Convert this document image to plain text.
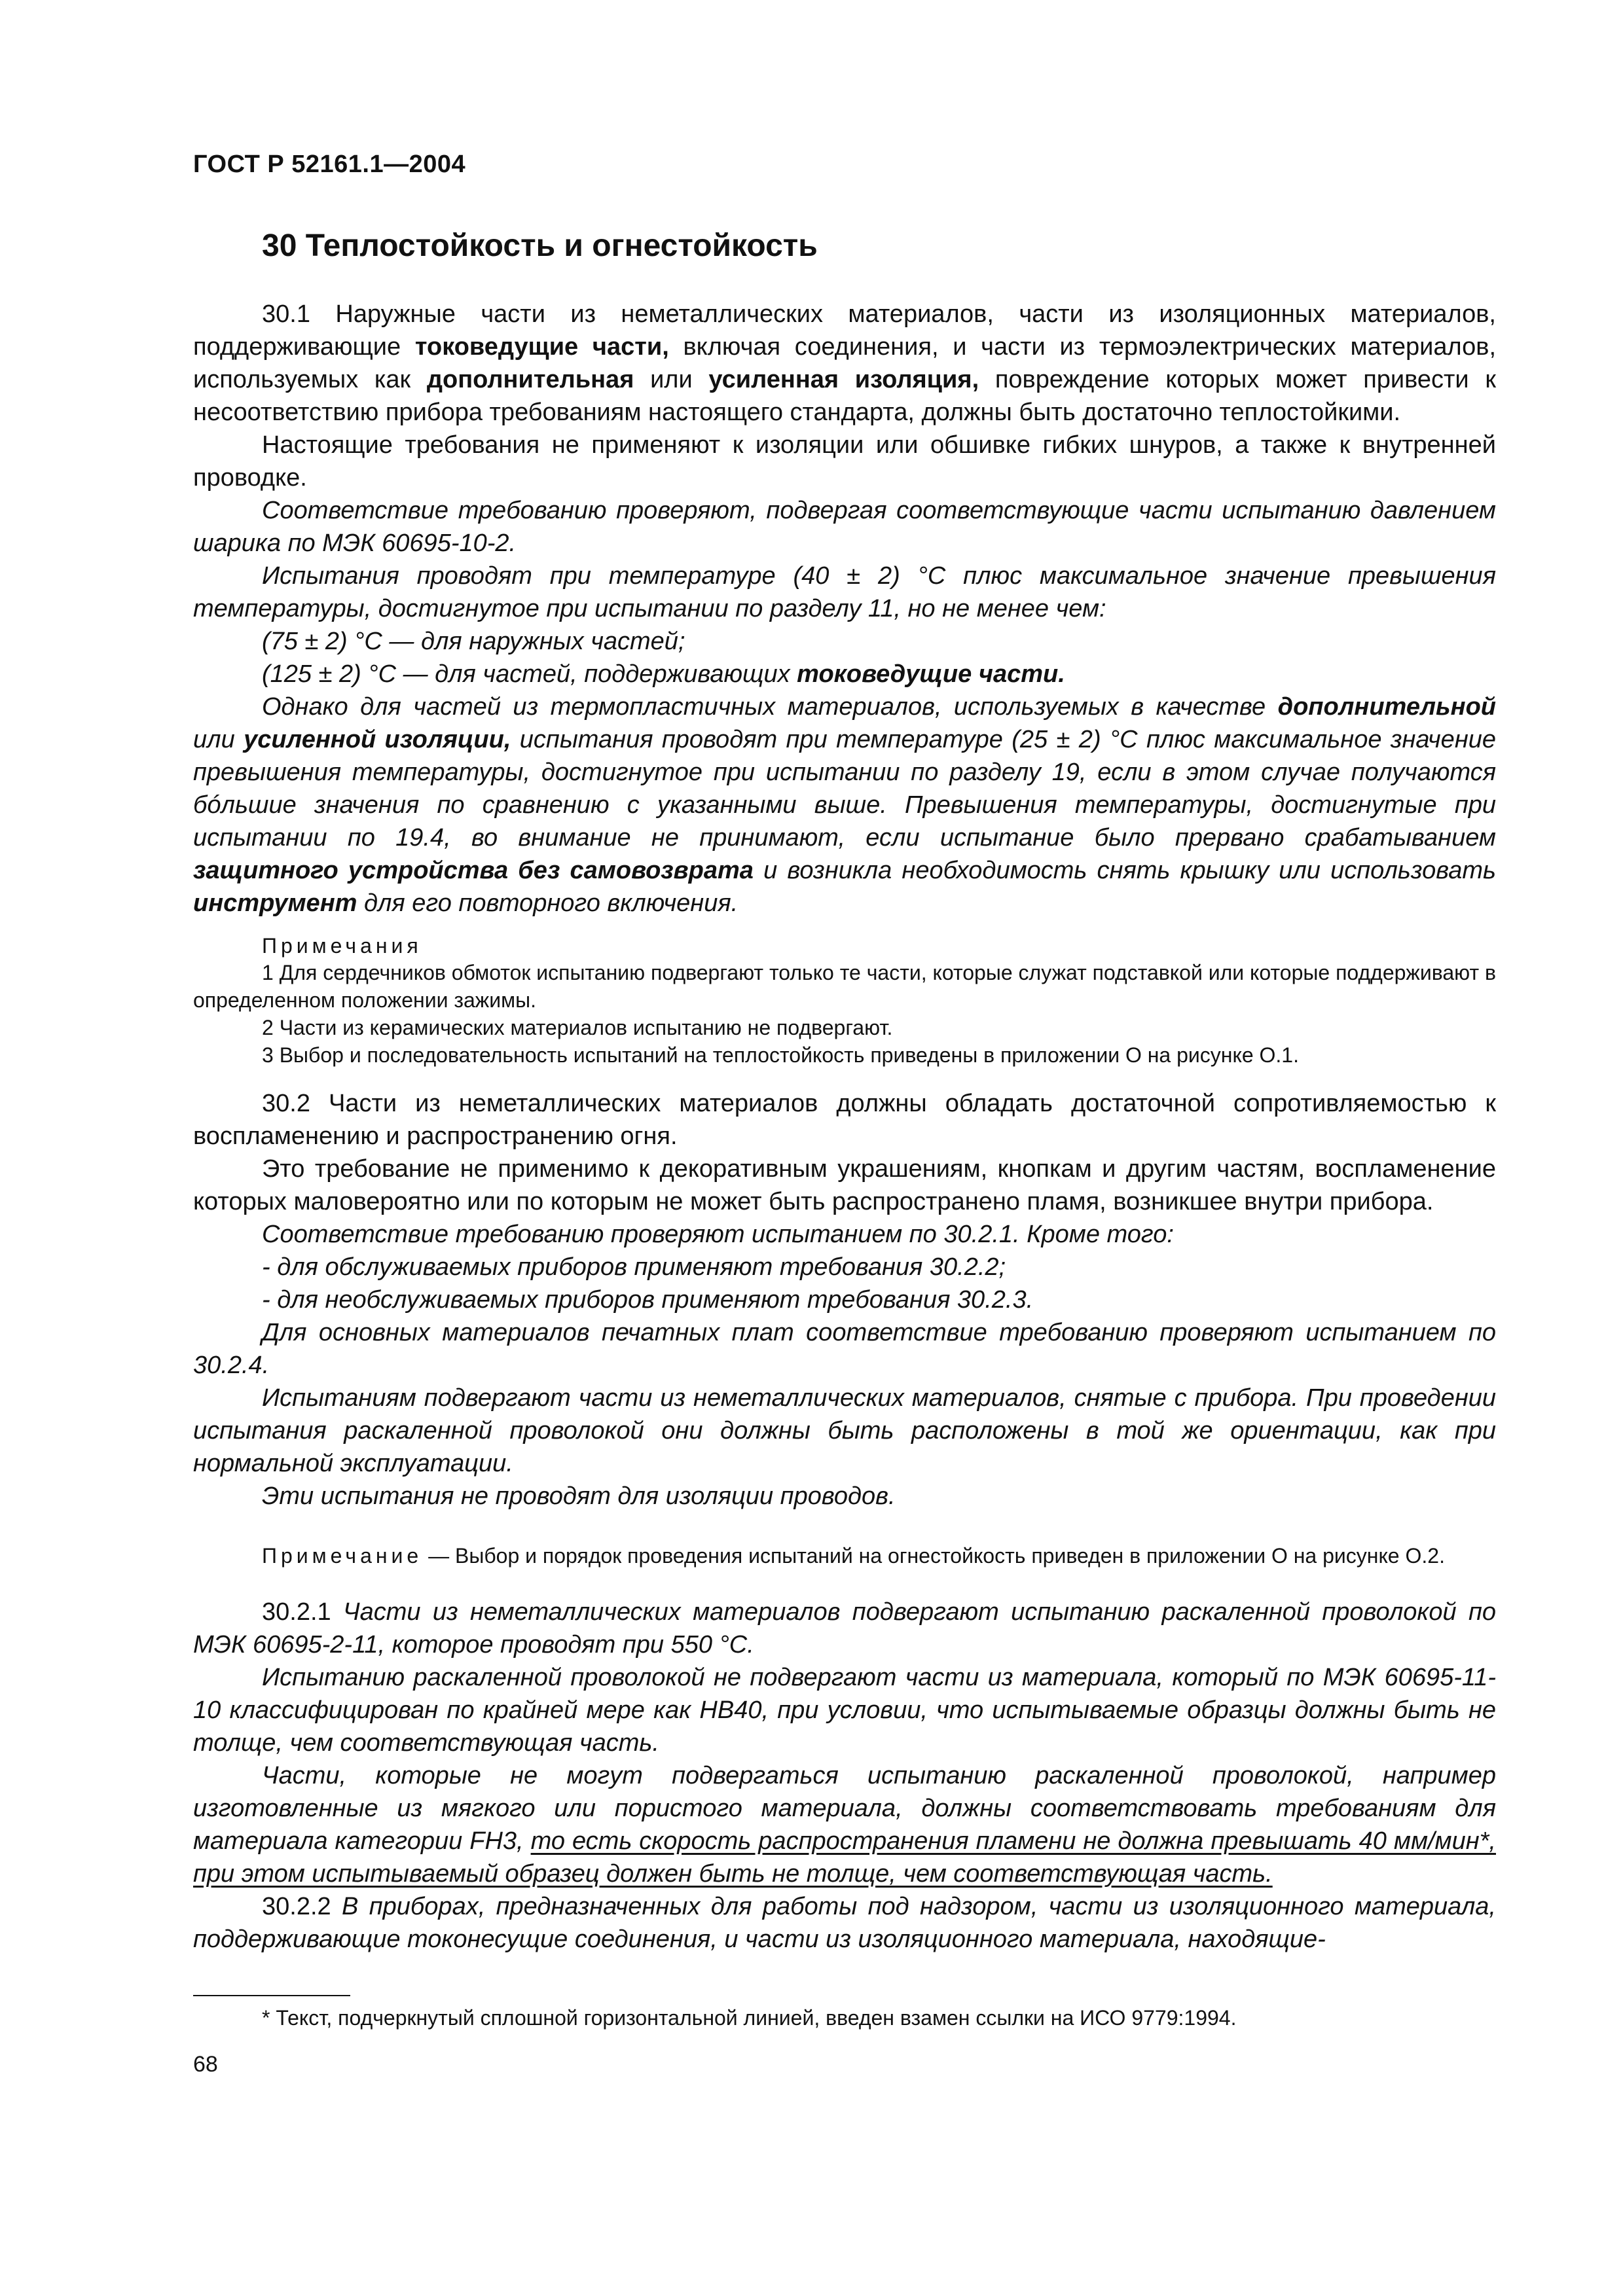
ГОСТ Р 52161.1—2004
30 Теплостойкость и огнестойкость

30.1 Наружные части из неметаллических материалов, части из изоляционных материалов, поддерживающие токоведущие части, включая соединения, и части из термоэлектрических материалов, используемых как дополнительная или усиленная изоляция, повреждение которых может привести к несоответствию прибора требованиям настоящего стандарта, должны быть достаточно теплостойкими.

Настоящие требования не применяют к изоляции или обшивке гибких шнуров, а также к внутренней проводке.

Соответствие требованию проверяют, подвергая соответствующие части испытанию давлением шарика по МЭК 60695-10-2.

Испытания проводят при температуре (40 ± 2) °C плюс максимальное значение превышения температуры, достигнутое при испытании по разделу 11, но не менее чем:

(75 ± 2) °C — для наружных частей;

(125 ± 2) °C — для частей, поддерживающих токоведущие части.

Однако для частей из термопластичных материалов, используемых в качестве дополнительной или усиленной изоляции, испытания проводят при температуре (25 ± 2) °C плюс максимальное значение превышения температуры, достигнутое при испытании по разделу 19, если в этом случае получаются бóльшие значения по сравнению с указанными выше. Превышения температуры, достигнутые при испытании по 19.4, во внимание не принимают, если испытание было прервано срабатыванием защитного устройства без самовозврата и возникла необходимость снять крышку или использовать инструмент для его повторного включения.

Примечания

1 Для сердечников обмоток испытанию подвергают только те части, которые служат подставкой или которые поддерживают в определенном положении зажимы.

2 Части из керамических материалов испытанию не подвергают.

3 Выбор и последовательность испытаний на теплостойкость приведены в приложении О на рисунке О.1.

30.2 Части из неметаллических материалов должны обладать достаточной сопротивляемостью к воспламенению и распространению огня.

Это требование не применимо к декоративным украшениям, кнопкам и другим частям, воспламенение которых маловероятно или по которым не может быть распространено пламя, возникшее внутри прибора.

Соответствие требованию проверяют испытанием по 30.2.1. Кроме того:

- для обслуживаемых приборов применяют требования 30.2.2;

- для необслуживаемых приборов применяют требования 30.2.3.

Для основных материалов печатных плат соответствие требованию проверяют испытанием по 30.2.4.

Испытаниям подвергают части из неметаллических материалов, снятые с прибора. При проведении испытания раскаленной проволокой они должны быть расположены в той же ориентации, как при нормальной эксплуатации.

Эти испытания не проводят для изоляции проводов.

Примечание — Выбор и порядок проведения испытаний на огнестойкость приведен в приложении О на рисунке О.2.

30.2.1 Части из неметаллических материалов подвергают испытанию раскаленной проволокой по МЭК 60695-2-11, которое проводят при 550 °C.

Испытанию раскаленной проволокой не подвергают части из материала, который по МЭК 60695-11-10 классифицирован по крайней мере как HB40, при условии, что испытываемые образцы должны быть не толще, чем соответствующая часть.

Части, которые не могут подвергаться испытанию раскаленной проволокой, например изготовленные из мягкого или пористого материала, должны соответствовать требованиям для материала категории FH3, то есть скорость распространения пламени не должна превышать 40 мм/мин*, при этом испытываемый образец должен быть не толще, чем соответствующая часть.

30.2.2 В приборах, предназначенных для работы под надзором, части из изоляционного материала, поддерживающие токонесущие соединения, и части из изоляционного материала, находящие-

* Текст, подчеркнутый сплошной горизонтальной линией, введен взамен ссылки на ИСО 9779:1994.
68
